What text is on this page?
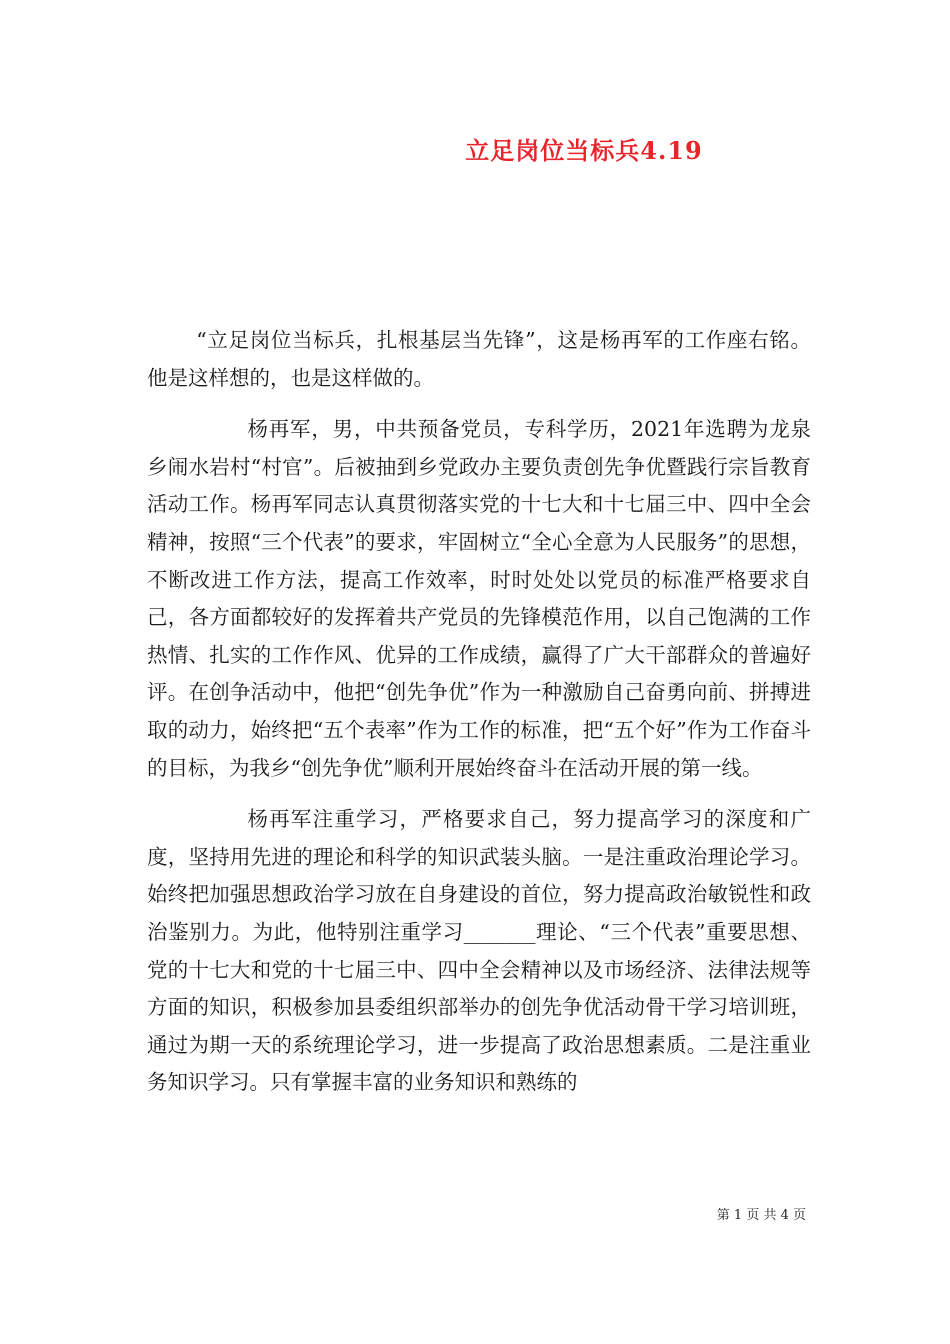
立足岗位当标兵4.19

“立足岗位当标兵，扎根基层当先锋”，这是杨再军的工作座右铭。他是这样想的，也是这样做的。

杨再军，男，中共预备党员，专科学历，2021年选聘为龙泉乡闹水岩村“村官”。后被抽到乡党政办主要负责创先争优暨践行宗旨教育活动工作。杨再军同志认真贯彻落实党的十七大和十七届三中、四中全会精神，按照“三个代表”的要求，牢固树立“全心全意为人民服务”的思想，不断改进工作方法，提高工作效率，时时处处以党员的标准严格要求自己，各方面都较好的发挥着共产党员的先锋模范作用，以自己饱满的工作热情、扎实的工作作风、优异的工作成绩，赢得了广大干部群众的普遍好评。在创争活动中，他把“创先争优”作为一种激励自己奋勇向前、拼搏进取的动力，始终把“五个表率”作为工作的标准，把“五个好”作为工作奋斗的目标，为我乡“创先争优”顺利开展始终奋斗在活动开展的第一线。

杨再军注重学习，严格要求自己，努力提高学习的深度和广度，坚持用先进的理论和科学的知识武装头脑。一是注重政治理论学习。始终把加强思想政治学习放在自身建设的首位，努力提高政治敏锐性和政治鉴别力。为此，他特别注重学习_______理论、“三个代表”重要思想、党的十七大和党的十七届三中、四中全会精神以及市场经济、法律法规等方面的知识，积极参加县委组织部举办的创先争优活动骨干学习培训班，通过为期一天的系统理论学习，进一步提高了政治思想素质。二是注重业务知识学习。只有掌握丰富的业务知识和熟练的

第 1 页 共 4 页
